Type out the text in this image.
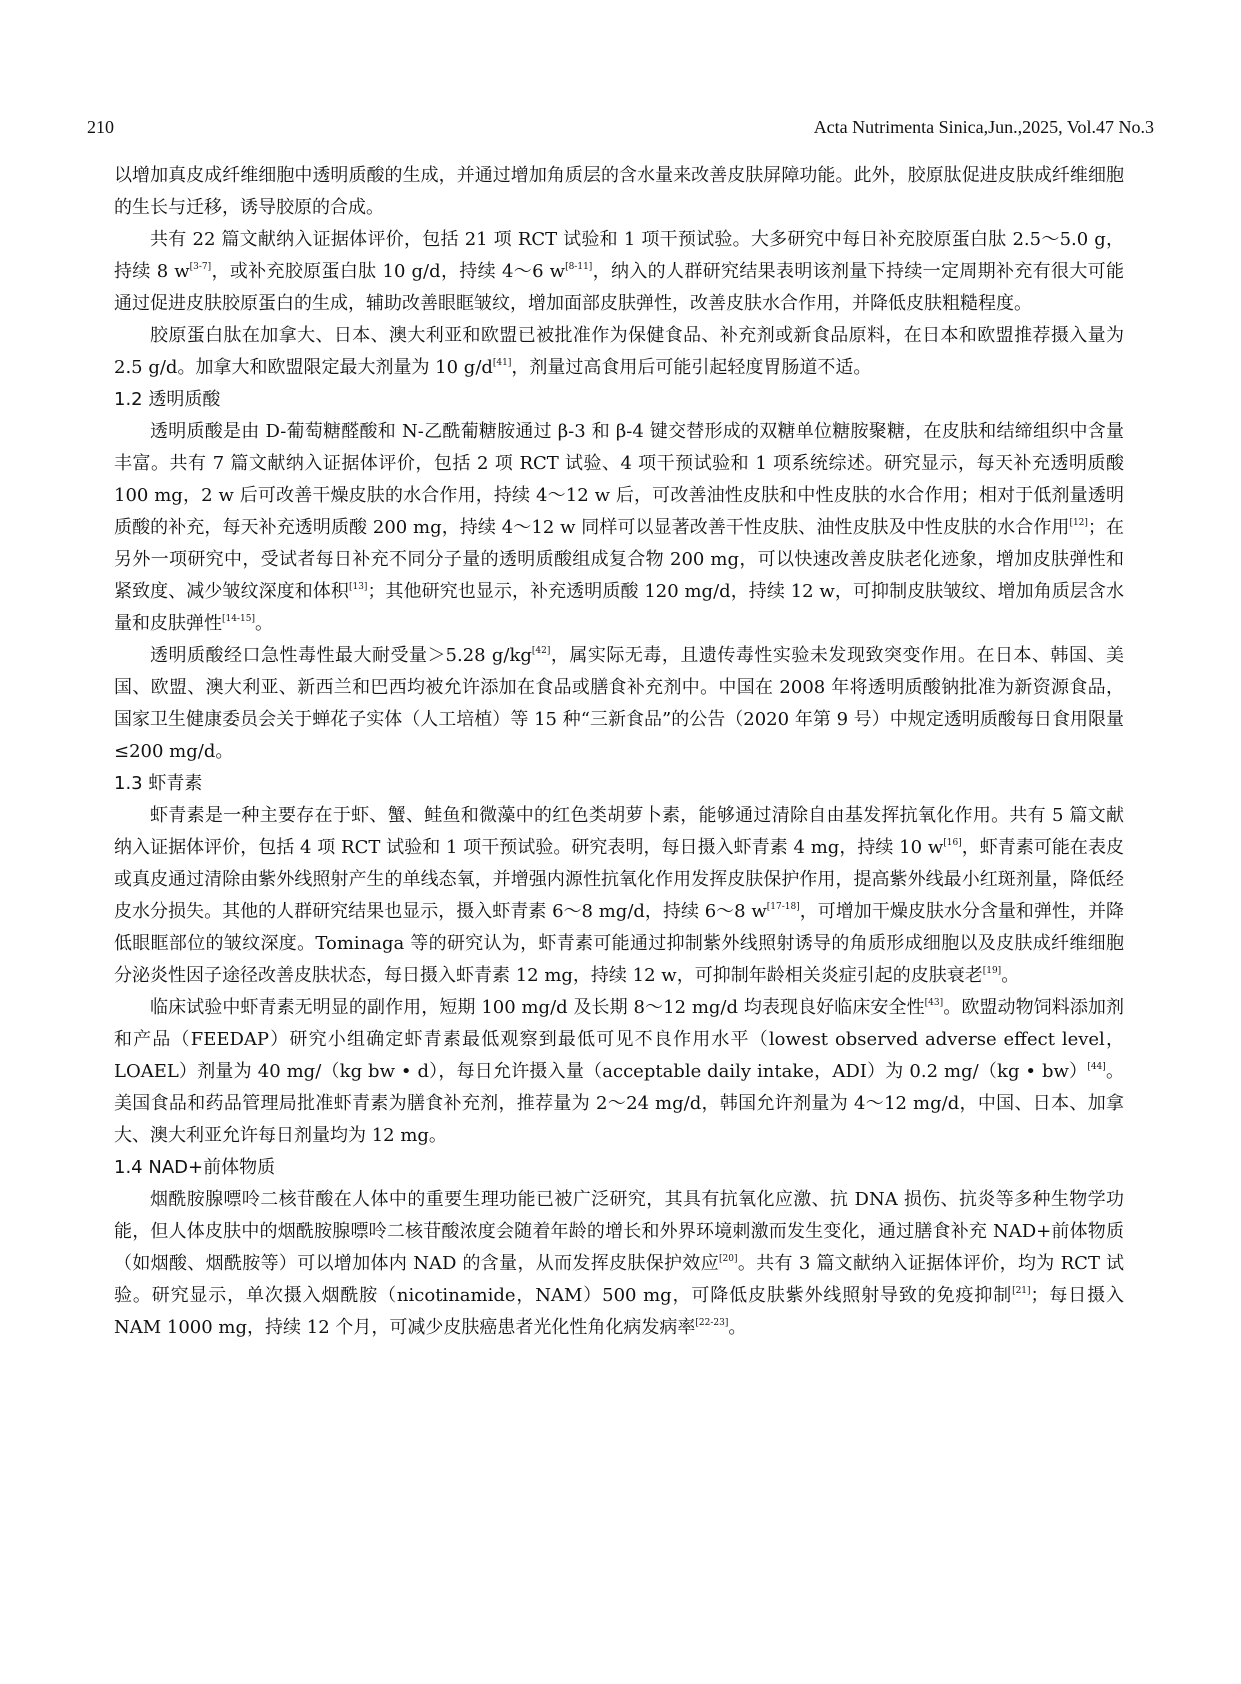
210	Acta Nutrimenta Sinica,Jun.,2025, Vol.47 No.3

以增加真皮成纤维细胞中透明质酸的生成，并通过增加角质层的含水量来改善皮肤屏障功能。此外，胶原肽促进皮肤成纤维细胞的生长与迁移，诱导胶原的合成。

共有 22 篇文献纳入证据体评价，包括 21 项 RCT 试验和 1 项干预试验。大多研究中每日补充胶原蛋白肽 2.5～5.0 g，持续 8 w[3-7]，或补充胶原蛋白肽 10 g/d，持续 4～6 w[8-11]，纳入的人群研究结果表明该剂量下持续一定周期补充有很大可能通过促进皮肤胶原蛋白的生成，辅助改善眼眶皱纹，增加面部皮肤弹性，改善皮肤水合作用，并降低皮肤粗糙程度。

胶原蛋白肽在加拿大、日本、澳大利亚和欧盟已被批准作为保健食品、补充剂或新食品原料，在日本和欧盟推荐摄入量为 2.5 g/d。加拿大和欧盟限定最大剂量为 10 g/d[41]，剂量过高食用后可能引起轻度胃肠道不适。

1.2 透明质酸

透明质酸是由 D-葡萄糖醛酸和 N-乙酰葡糖胺通过 β-3 和 β-4 键交替形成的双糖单位糖胺聚糖，在皮肤和结缔组织中含量丰富。共有 7 篇文献纳入证据体评价，包括 2 项 RCT 试验、4 项干预试验和 1 项系统综述。研究显示，每天补充透明质酸 100 mg，2 w 后可改善干燥皮肤的水合作用，持续 4～12 w 后，可改善油性皮肤和中性皮肤的水合作用；相对于低剂量透明质酸的补充，每天补充透明质酸 200 mg，持续 4～12 w 同样可以显著改善干性皮肤、油性皮肤及中性皮肤的水合作用[12]；在另外一项研究中，受试者每日补充不同分子量的透明质酸组成复合物 200 mg，可以快速改善皮肤老化迹象，增加皮肤弹性和紧致度、减少皱纹深度和体积[13]；其他研究也显示，补充透明质酸 120 mg/d，持续 12 w，可抑制皮肤皱纹、增加角质层含水量和皮肤弹性[14-15]。

透明质酸经口急性毒性最大耐受量＞5.28 g/kg[42]，属实际无毒，且遗传毒性实验未发现致突变作用。在日本、韩国、美国、欧盟、澳大利亚、新西兰和巴西均被允许添加在食品或膳食补充剂中。中国在 2008 年将透明质酸钠批准为新资源食品，国家卫生健康委员会关于蝉花子实体（人工培植）等 15 种“三新食品”的公告（2020 年第 9 号）中规定透明质酸每日食用限量≤200 mg/d。

1.3 虾青素

虾青素是一种主要存在于虾、蟹、鲑鱼和微藻中的红色类胡萝卜素，能够通过清除自由基发挥抗氧化作用。共有 5 篇文献纳入证据体评价，包括 4 项 RCT 试验和 1 项干预试验。研究表明，每日摄入虾青素 4 mg，持续 10 w[16]，虾青素可能在表皮或真皮通过清除由紫外线照射产生的单线态氧，并增强内源性抗氧化作用发挥皮肤保护作用，提高紫外线最小红斑剂量，降低经皮水分损失。其他的人群研究结果也显示，摄入虾青素 6～8 mg/d，持续 6～8 w[17-18]，可增加干燥皮肤水分含量和弹性，并降低眼眶部位的皱纹深度。Tominaga 等的研究认为，虾青素可能通过抑制紫外线照射诱导的角质形成细胞以及皮肤成纤维细胞分泌炎性因子途径改善皮肤状态，每日摄入虾青素 12 mg，持续 12 w，可抑制年龄相关炎症引起的皮肤衰老[19]。

临床试验中虾青素无明显的副作用，短期 100 mg/d 及长期 8～12 mg/d 均表现良好临床安全性[43]。欧盟动物饲料添加剂和产品（FEEDAP）研究小组确定虾青素最低观察到最低可见不良作用水平（lowest observed adverse effect level，LOAEL）剂量为 40 mg/（kg bw • d），每日允许摄入量（acceptable daily intake，ADI）为 0.2 mg/（kg • bw）[44]。美国食品和药品管理局批准虾青素为膳食补充剂，推荐量为 2～24 mg/d，韩国允许剂量为 4～12 mg/d，中国、日本、加拿大、澳大利亚允许每日剂量均为 12 mg。

1.4 NAD+前体物质

烟酰胺腺嘌呤二核苷酸在人体中的重要生理功能已被广泛研究，其具有抗氧化应激、抗 DNA 损伤、抗炎等多种生物学功能，但人体皮肤中的烟酰胺腺嘌呤二核苷酸浓度会随着年龄的增长和外界环境刺激而发生变化，通过膳食补充 NAD+前体物质（如烟酸、烟酰胺等）可以增加体内 NAD 的含量，从而发挥皮肤保护效应[20]。共有 3 篇文献纳入证据体评价，均为 RCT 试验。研究显示，单次摄入烟酰胺（nicotinamide，NAM）500 mg，可降低皮肤紫外线照射导致的免疫抑制[21]；每日摄入 NAM 1000 mg，持续 12 个月，可减少皮肤癌患者光化性角化病发病率[22-23]。
